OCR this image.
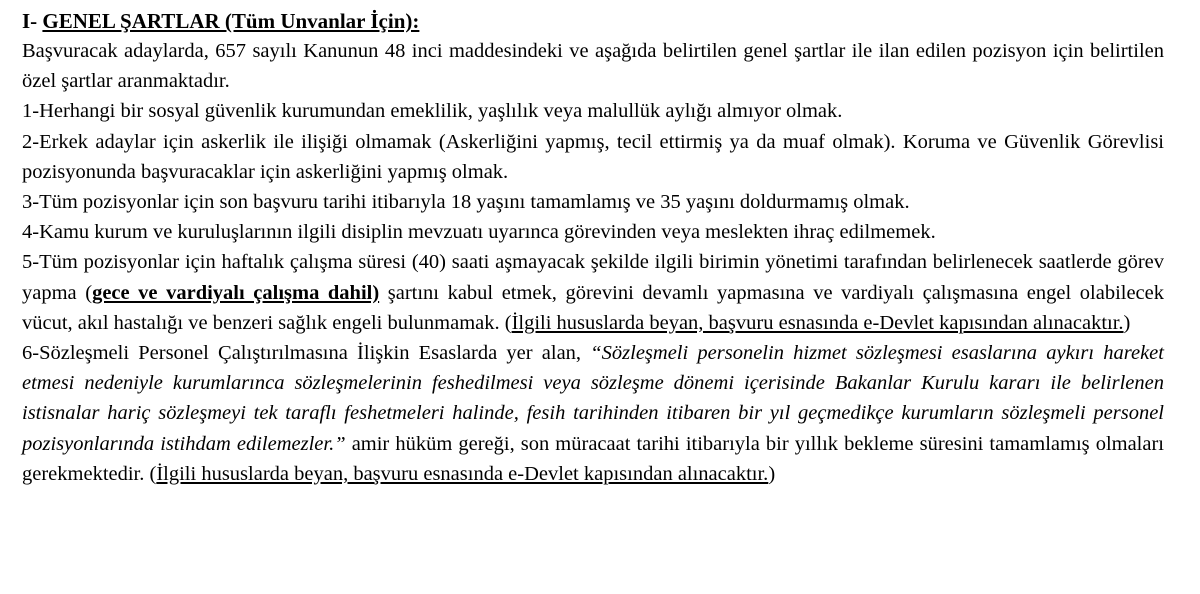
I- GENEL ŞARTLAR (Tüm Unvanlar İçin):

Başvuracak adaylarda, 657 sayılı Kanunun 48 inci maddesindeki ve aşağıda belirtilen genel şartlar ile ilan edilen pozisyon için belirtilen özel şartlar aranmaktadır.

1-Herhangi bir sosyal güvenlik kurumundan emeklilik, yaşlılık veya malullük aylığı almıyor olmak.

2-Erkek adaylar için askerlik ile ilişiği olmamak (Askerliğini yapmış, tecil ettirmiş ya da muaf olmak). Koruma ve Güvenlik Görevlisi pozisyonunda başvuracaklar için askerliğini yapmış olmak.

3-Tüm pozisyonlar için son başvuru tarihi itibarıyla 18 yaşını tamamlamış ve 35 yaşını doldurmamış olmak.

4-Kamu kurum ve kuruluşlarının ilgili disiplin mevzuatı uyarınca görevinden veya meslekten ihraç edilmemek.

5-Tüm pozisyonlar için haftalık çalışma süresi (40) saati aşmayacak şekilde ilgili birimin yönetimi tarafından belirlenecek saatlerde görev yapma (gece ve vardiyalı çalışma dahil) şartını kabul etmek, görevini devamlı yapmasına ve vardiyalı çalışmasına engel olabilecek vücut, akıl hastalığı ve benzeri sağlık engeli bulunmamak. (İlgili hususlarda beyan, başvuru esnasında e-Devlet kapısından alınacaktır.)

6-Sözleşmeli Personel Çalıştırılmasına İlişkin Esaslarda yer alan, “Sözleşmeli personelin hizmet sözleşmesi esaslarına aykırı hareket etmesi nedeniyle kurumlarınca sözleşmelerinin feshedilmesi veya sözleşme dönemi içerisinde Bakanlar Kurulu kararı ile belirlenen istisnalar hariç sözleşmeyi tek taraflı feshetmeleri halinde, fesih tarihinden itibaren bir yıl geçmedikçe kurumların sözleşmeli personel pozisyonlarında istihdam edilemezler.” amir hüküm gereği, son müracaat tarihi itibarıyla bir yıllık bekleme süresini tamamlamış olmaları gerekmektedir. (İlgili hususlarda beyan, başvuru esnasında e-Devlet kapısından alınacaktır.)
